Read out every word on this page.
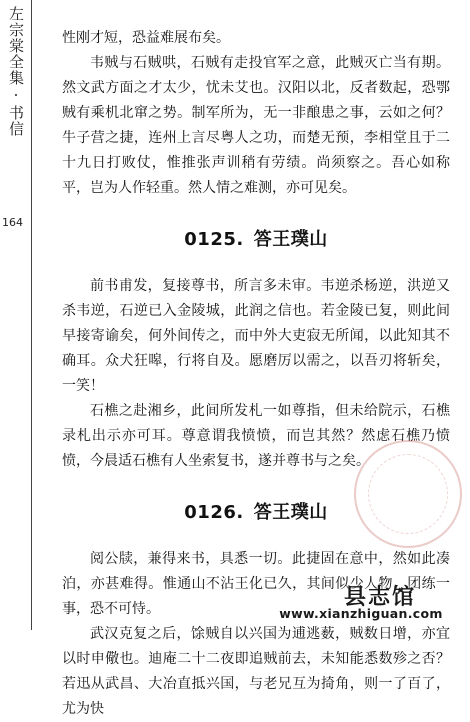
左宗棠全集·书信
164

性刚才短，恐益难展布矣。

韦贼与石贼哄，石贼有走投官军之意，此贼灭亡当有期。然文武方面之才太少，忧未艾也。汉阳以北，反者数起，恐鄂贼有乘机北窜之势。制军所为，无一非酿患之事，云如之何？牛子营之捷，连州上言尽粤人之功，而楚无预，李相堂且于二十九日打败仗，惟推张声训稍有劳绩。尚须察之。吾心如称平，岂为人作轻重。然人情之难测，亦可见矣。

0125. 答王璞山

前书甫发，复接尊书，所言多未审。韦逆杀杨逆，洪逆又杀韦逆，石逆已入金陵城，此润之信也。若金陵已复，则此间早接寄谕矣，何外间传之，而中外大吏寂无所闻，以此知其不确耳。众犬狂嗥，行将自及。愿磨厉以需之，以吾刃将斩矣，一笑！

石樵之赴湘乡，此间所发札一如尊指，但未给院示，石樵录札出示亦可耳。尊意谓我愤愤，而岂其然？然虑石樵乃愤愤，今晨适石樵有人坐索复书，遂并尊书与之矣。

0126. 答王璞山

阅公牍，兼得来书，具悉一切。此捷固在意中，然如此凑泊，亦甚难得。惟通山不沾王化已久，其间似少人物，团练一事，恐不可恃。

武汉克复之后，馀贼自以兴国为逋逃薮，贼数日增，亦宜以时申儆也。迪庵二十二夜即追贼前去，未知能悉数殄之否？若迅从武昌、大冶直抵兴国，与老兄互为掎角，则一了百了，尤为快

县志馆
www.xianzhiguan.com
